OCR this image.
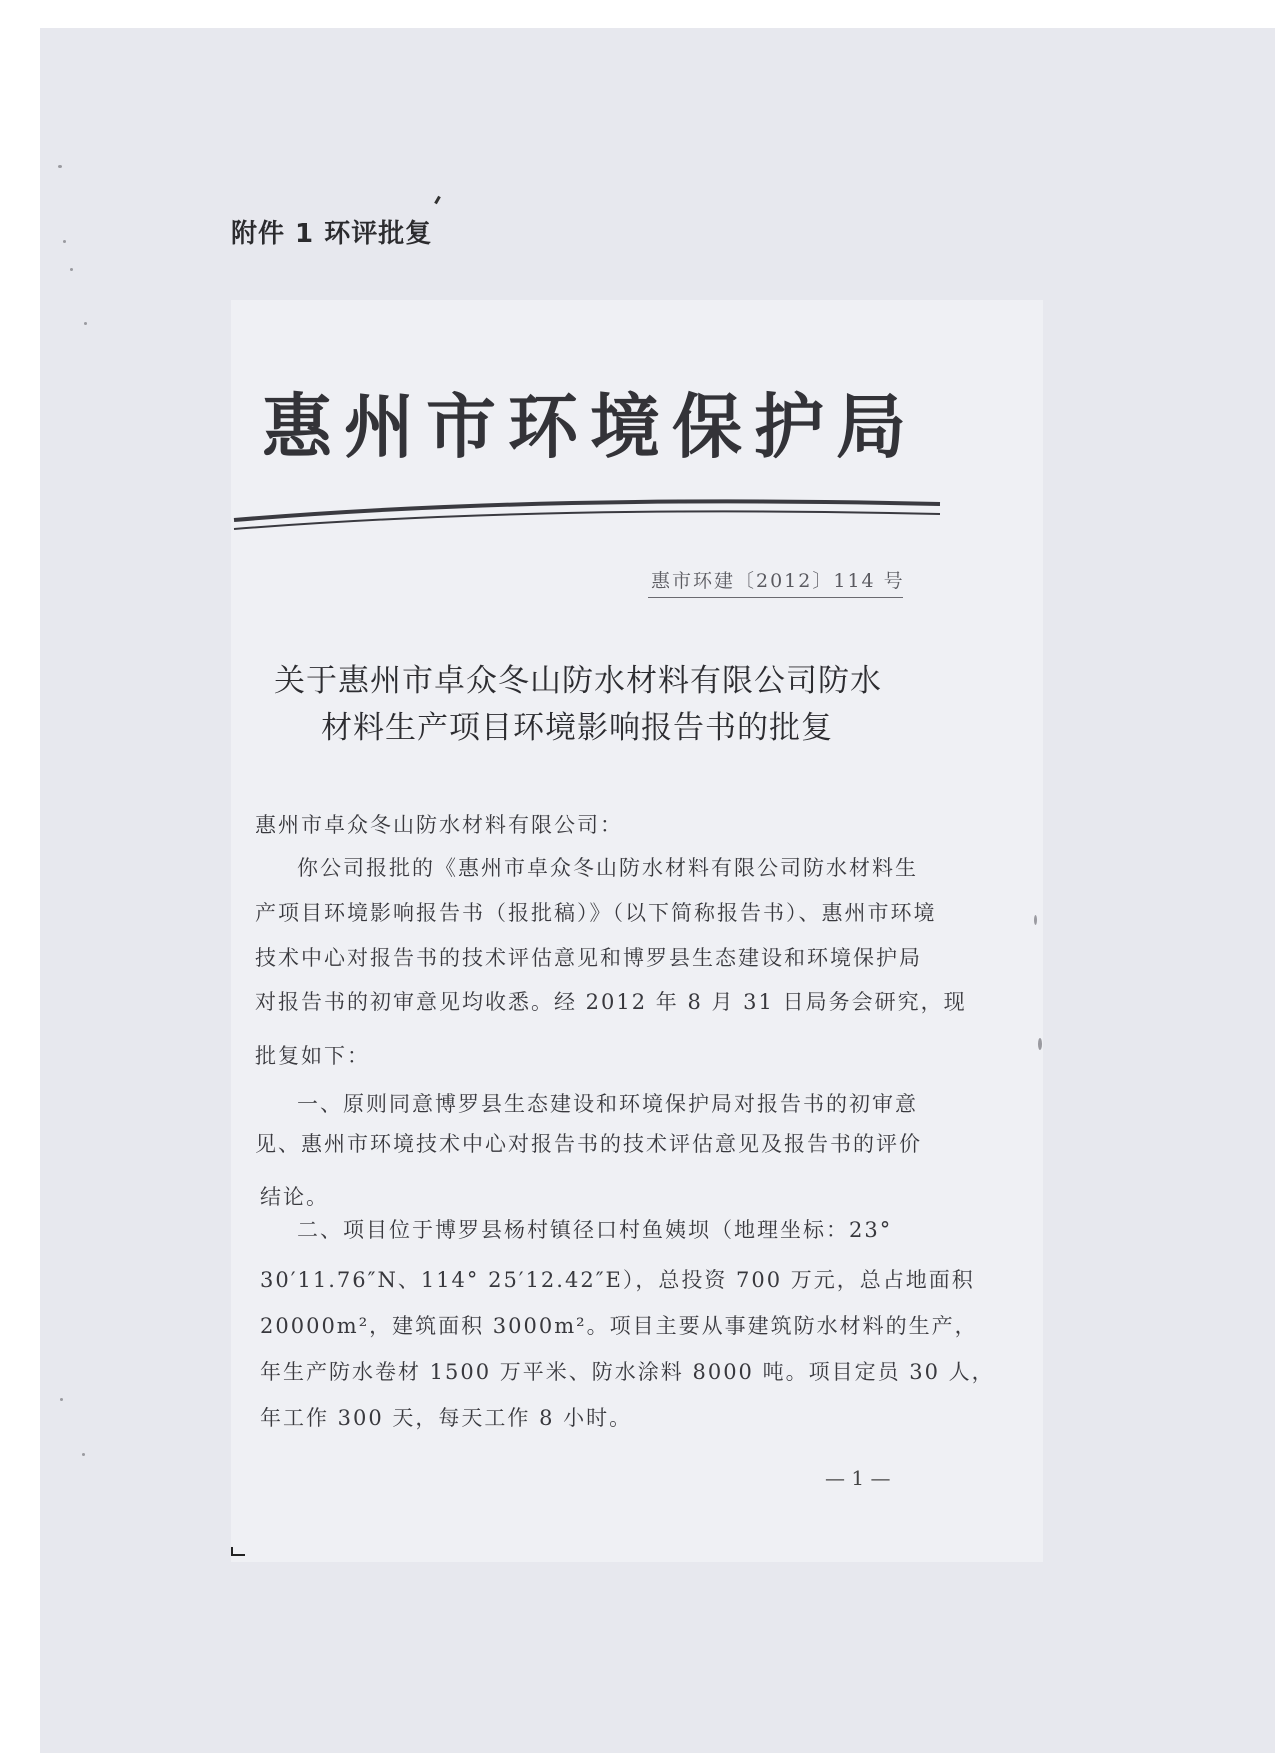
附件 1 环评批复
惠州市环境保护局
惠市环建〔2012〕114 号
关于惠州市卓众冬山防水材料有限公司防水
材料生产项目环境影响报告书的批复
惠州市卓众冬山防水材料有限公司：
你公司报批的《惠州市卓众冬山防水材料有限公司防水材料生
产项目环境影响报告书（报批稿）》（以下简称报告书）、惠州市环境
技术中心对报告书的技术评估意见和博罗县生态建设和环境保护局
对报告书的初审意见均收悉。经 2012 年 8 月 31 日局务会研究，现
批复如下：
一、原则同意博罗县生态建设和环境保护局对报告书的初审意
见、惠州市环境技术中心对报告书的技术评估意见及报告书的评价
结论。
二、项目位于博罗县杨村镇径口村鱼姨坝（地理坐标：23°
30′11.76″N、114° 25′12.42″E），总投资 700 万元，总占地面积
20000m²，建筑面积 3000m²。项目主要从事建筑防水材料的生产，
年生产防水卷材 1500 万平米、防水涂料 8000 吨。项目定员 30 人，
年工作 300 天，每天工作 8 小时。
— 1 —
